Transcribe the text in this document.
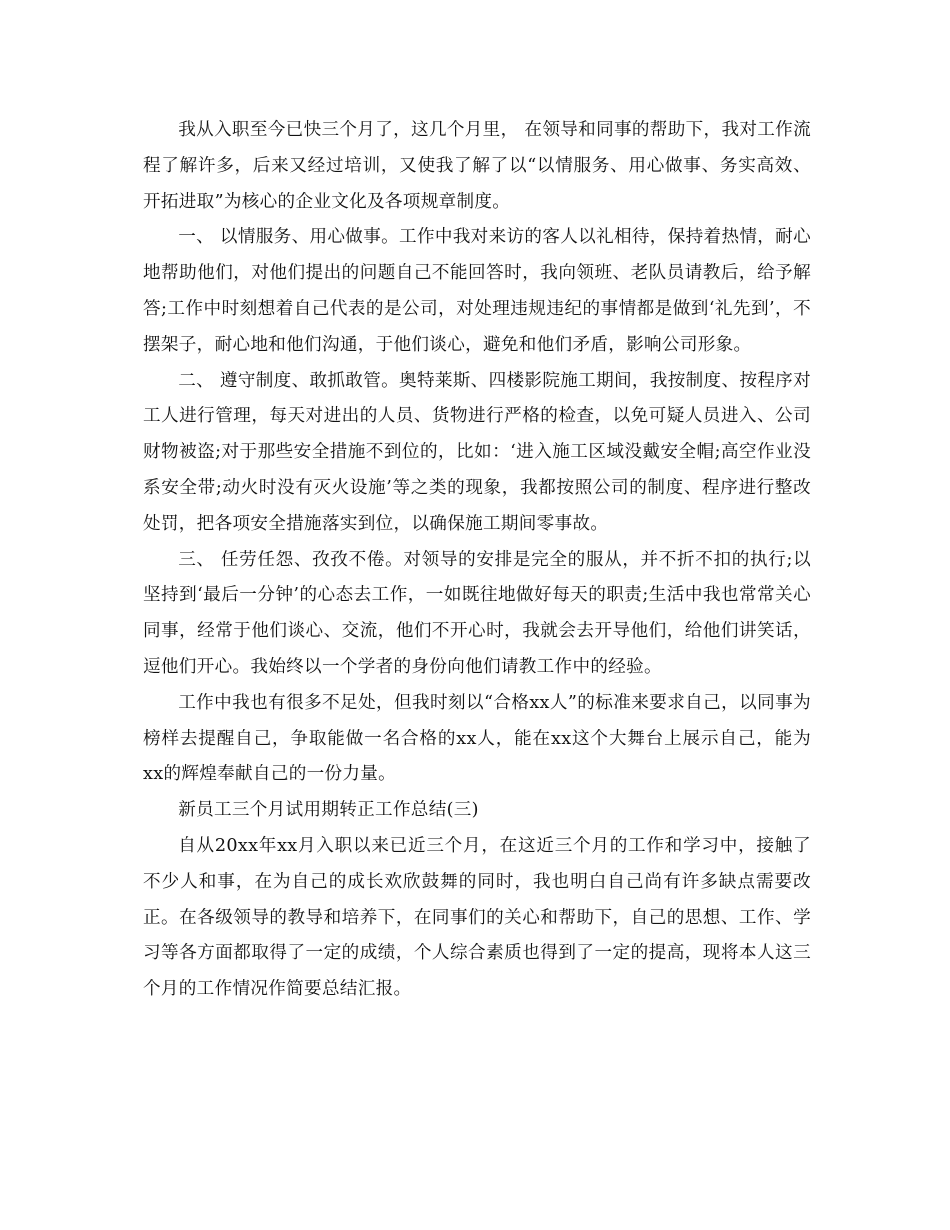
我从入职至今已快三个月了，这几个月里， 在领导和同事的帮助下，我对工作流程了解许多，后来又经过培训，又使我了解了以“以情服务、用心做事、务实高效、开拓进取”为核心的企业文化及各项规章制度。

一、 以情服务、用心做事。工作中我对来访的客人以礼相待，保持着热情，耐心地帮助他们，对他们提出的问题自己不能回答时，我向领班、老队员请教后，给予解答;工作中时刻想着自己代表的是公司，对处理违规违纪的事情都是做到‘礼先到’，不摆架子，耐心地和他们沟通，于他们谈心，避免和他们矛盾，影响公司形象。

二、 遵守制度、敢抓敢管。奥特莱斯、四楼影院施工期间，我按制度、按程序对工人进行管理，每天对进出的人员、货物进行严格的检查，以免可疑人员进入、公司财物被盗;对于那些安全措施不到位的，比如：‘进入施工区域没戴安全帽;高空作业没系安全带;动火时没有灭火设施’等之类的现象，我都按照公司的制度、程序进行整改处罚，把各项安全措施落实到位，以确保施工期间零事故。

三、 任劳任怨、孜孜不倦。对领导的安排是完全的服从，并不折不扣的执行;以坚持到‘最后一分钟’的心态去工作，一如既往地做好每天的职责;生活中我也常常关心同事，经常于他们谈心、交流，他们不开心时，我就会去开导他们，给他们讲笑话，逗他们开心。我始终以一个学者的身份向他们请教工作中的经验。

工作中我也有很多不足处，但我时刻以“合格xx人”的标准来要求自己，以同事为榜样去提醒自己，争取能做一名合格的xx人，能在xx这个大舞台上展示自己，能为xx的辉煌奉献自己的一份力量。

新员工三个月试用期转正工作总结(三)

自从20xx年xx月入职以来已近三个月，在这近三个月的工作和学习中，接触了不少人和事，在为自己的成长欢欣鼓舞的同时，我也明白自己尚有许多缺点需要改正。在各级领导的教导和培养下，在同事们的关心和帮助下，自己的思想、工作、学习等各方面都取得了一定的成绩，个人综合素质也得到了一定的提高，现将本人这三个月的工作情况作简要总结汇报。
